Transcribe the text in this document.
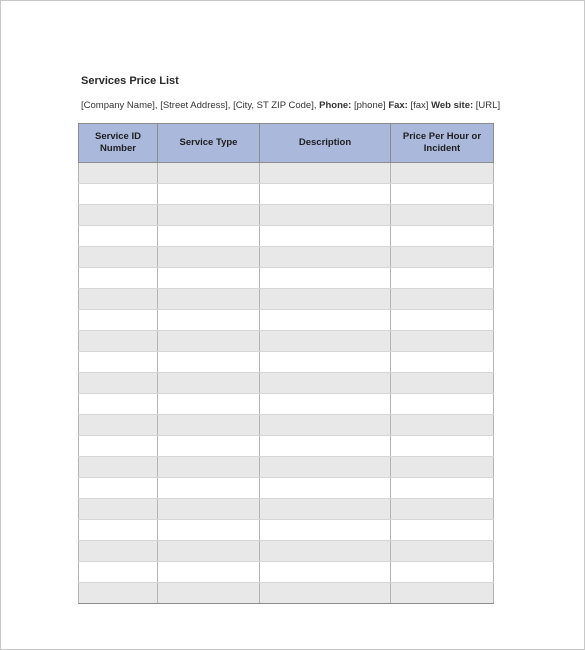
Services Price List
[Company Name], [Street Address], [City, ST ZIP Code], Phone: [phone] Fax: [fax] Web site: [URL]
Service ID Number	Service Type	Description	Price Per Hour or Incident
